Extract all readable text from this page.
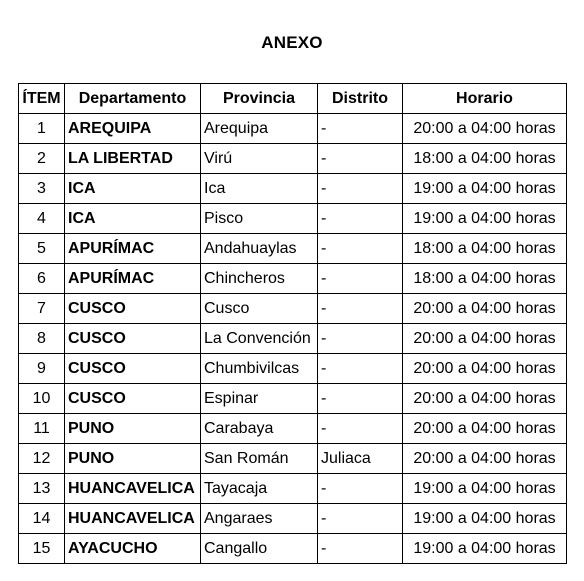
ANEXO
ÍTEM	Departamento	Provincia	Distrito	Horario
1	AREQUIPA	Arequipa	-	20:00 a 04:00 horas
2	LA LIBERTAD	Virú	-	18:00 a 04:00 horas
3	ICA	Ica	-	19:00 a 04:00 horas
4	ICA	Pisco	-	19:00 a 04:00 horas
5	APURÍMAC	Andahuaylas	-	18:00 a 04:00 horas
6	APURÍMAC	Chincheros	-	18:00 a 04:00 horas
7	CUSCO	Cusco	-	20:00 a 04:00 horas
8	CUSCO	La Convención	-	20:00 a 04:00 horas
9	CUSCO	Chumbivilcas	-	20:00 a 04:00 horas
10	CUSCO	Espinar	-	20:00 a 04:00 horas
11	PUNO	Carabaya	-	20:00 a 04:00 horas
12	PUNO	San Román	Juliaca	20:00 a 04:00 horas
13	HUANCAVELICA	Tayacaja	-	19:00 a 04:00 horas
14	HUANCAVELICA	Angaraes	-	19:00 a 04:00 horas
15	AYACUCHO	Cangallo	-	19:00 a 04:00 horas
